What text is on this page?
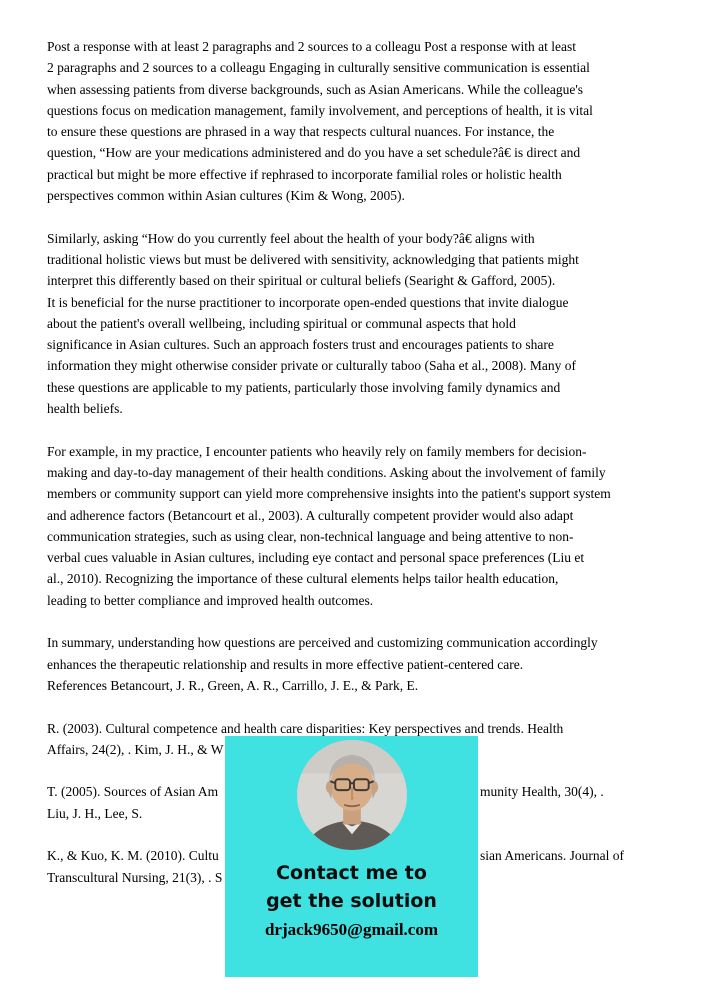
Post a response with at least 2 paragraphs and 2 sources to a colleagu Post a response with at least
2 paragraphs and 2 sources to a colleagu Engaging in culturally sensitive communication is essential
when assessing patients from diverse backgrounds, such as Asian Americans. While the colleague's
questions focus on medication management, family involvement, and perceptions of health, it is vital
to ensure these questions are phrased in a way that respects cultural nuances. For instance, the
question, “How are your medications administered and do you have a set schedule?â€ is direct and
practical but might be more effective if rephrased to incorporate familial roles or holistic health
perspectives common within Asian cultures (Kim & Wong, 2005).
Similarly, asking “How do you currently feel about the health of your body?â€ aligns with
traditional holistic views but must be delivered with sensitivity, acknowledging that patients might
interpret this differently based on their spiritual or cultural beliefs (Searight & Gafford, 2005).
It is beneficial for the nurse practitioner to incorporate open-ended questions that invite dialogue
about the patient's overall wellbeing, including spiritual or communal aspects that hold
significance in Asian cultures. Such an approach fosters trust and encourages patients to share
information they might otherwise consider private or culturally taboo (Saha et al., 2008). Many of
these questions are applicable to my patients, particularly those involving family dynamics and
health beliefs.
For example, in my practice, I encounter patients who heavily rely on family members for decision-
making and day-to-day management of their health conditions. Asking about the involvement of family
members or community support can yield more comprehensive insights into the patient's support system
and adherence factors (Betancourt et al., 2003). A culturally competent provider would also adapt
communication strategies, such as using clear, non-technical language and being attentive to non-
verbal cues valuable in Asian cultures, including eye contact and personal space preferences (Liu et
al., 2010). Recognizing the importance of these cultural elements helps tailor health education,
leading to better compliance and improved health outcomes.
In summary, understanding how questions are perceived and customizing communication accordingly
enhances the therapeutic relationship and results in more effective patient-centered care.
References Betancourt, J. R., Green, A. R., Carrillo, J. E., & Park, E.
R. (2003). Cultural competence and health care disparities: Key perspectives and trends. Health
Affairs, 24(2), . Kim, J. H., & W
T. (2005). Sources of Asian Am	munity Health, 30(4), .
Liu, J. H., Lee, S.
K., & Kuo, K. M. (2010). Cultu	sian Americans. Journal of
Transcultural Nursing, 21(3), . S	Contact me to
get the solution
drjack9650@gmail.com
